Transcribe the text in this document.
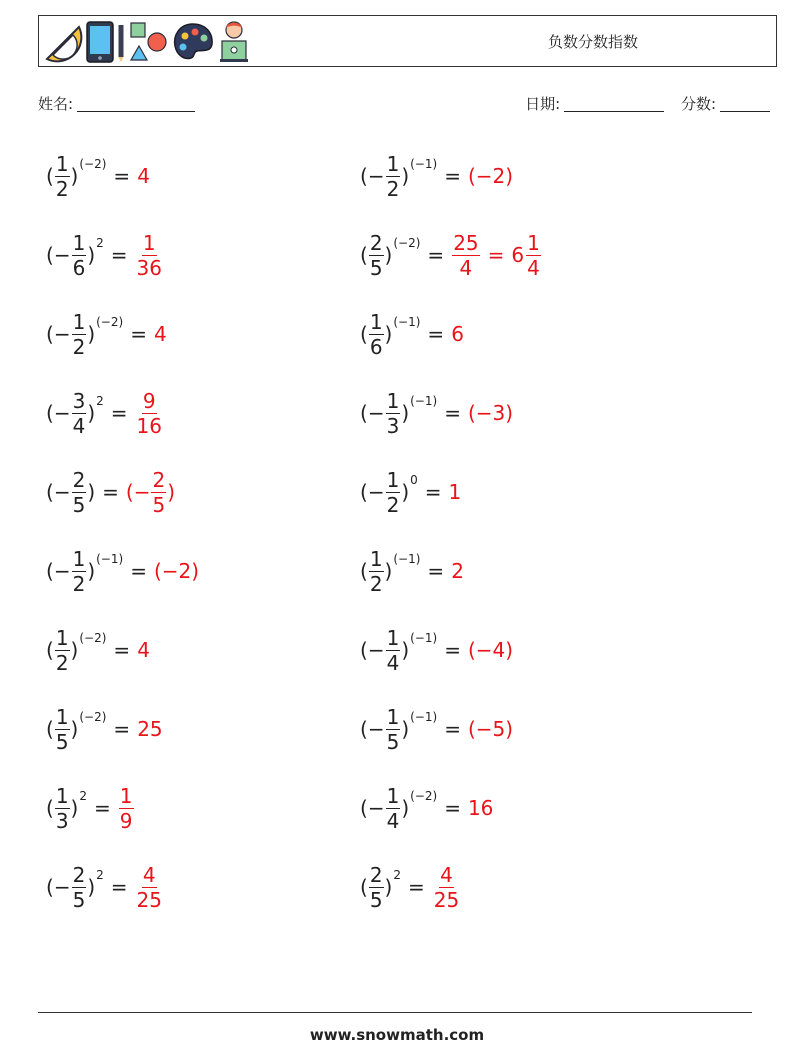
负数分数指数
姓名:	日期:	分数:
( $\frac{1}{2}$ ) (−2) = 4	( − $\frac{1}{2}$ ) (−1) = (−2)
( − $\frac{1}{6}$ ) $2 = \frac{1}{36}$	( $\frac{2}{5}$ ) $(-2) = \frac{25}{4} = 6 \frac{1}{4}$
( − $\frac{1}{2}$ ) (−2) = 4	( $\frac{1}{6}$ ) (−1) = 6
( − $\frac{3}{4}$ ) $2 = \frac{9}{16}$	( − $\frac{1}{3}$ ) (−1) = (−3)
( − $\frac{2}{5}$ ) = (− $\frac{2}{5}$ )	( − $\frac{1}{2}$ ) 0 = 1
( − $\frac{1}{2}$ ) (−1) = (−2)	( $\frac{1}{2}$ ) (−1) = 2
( $\frac{1}{2}$ ) (−2) = 4	( − $\frac{1}{4}$ ) (−1) = (−4)
( $\frac{1}{5}$ ) (−2) = 25	( − $\frac{1}{5}$ ) (−1) = (−5)
( $\frac{1}{3}$ ) $2 = \frac{1}{9}$	( − $\frac{1}{4}$ ) (−2) = 16
( − $\frac{2}{5}$ ) $2 = \frac{4}{25}$	( $\frac{2}{5}$ ) $2 = \frac{4}{25}$
www.snowmath.com
